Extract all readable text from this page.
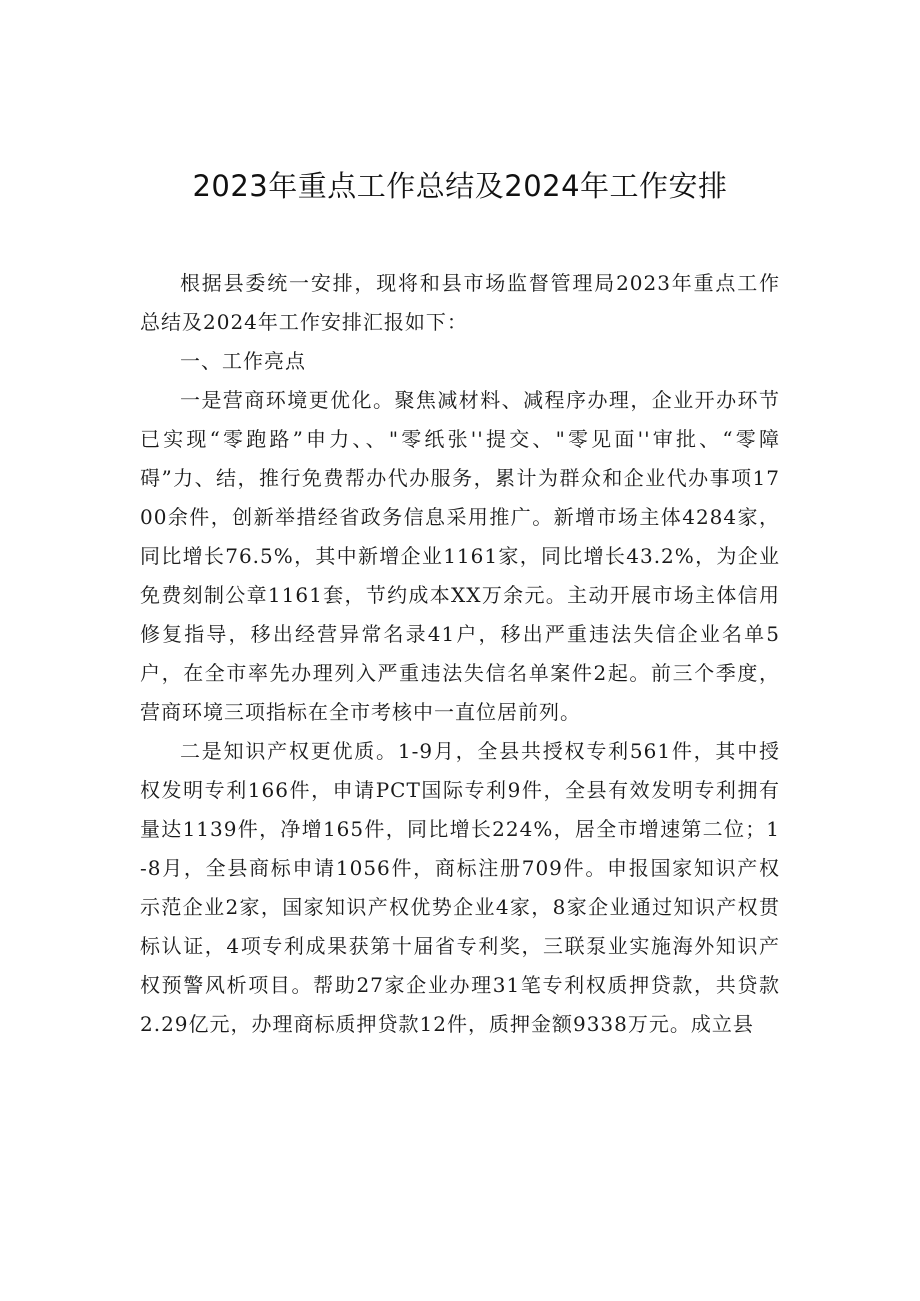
2023年重点工作总结及2024年工作安排

根据县委统一安排，现将和县市场监督管理局2023年重点工作总结及2024年工作安排汇报如下：

一、工作亮点

一是营商环境更优化。聚焦减材料、减程序办理，企业开办环节已实现“零跑路”申力、、"零纸张''提交、"零见面''审批、“零障碍”力、结，推行免费帮办代办服务，累计为群众和企业代办事项1700余件，创新举措经省政务信息采用推广。新增市场主体4284家，同比增长76.5%，其中新增企业1161家，同比增长43.2%，为企业免费刻制公章1161套，节约成本XX万余元。主动开展市场主体信用修复指导，移出经营异常名录41户，移出严重违法失信企业名单5户，在全市率先办理列入严重违法失信名单案件2起。前三个季度，营商环境三项指标在全市考核中一直位居前列。

二是知识产权更优质。1-9月，全县共授权专利561件，其中授权发明专利166件，申请PCT国际专利9件，全县有效发明专利拥有量达1139件，净增165件，同比增长224%，居全市增速第二位；1-8月，全县商标申请1056件，商标注册709件。申报国家知识产权示范企业2家，国家知识产权优势企业4家，8家企业通过知识产权贯标认证，4项专利成果获第十届省专利奖，三联泵业实施海外知识产权预警风析项目。帮助27家企业办理31笔专利权质押贷款，共贷款2.29亿元，办理商标质押贷款12件，质押金额9338万元。成立县
